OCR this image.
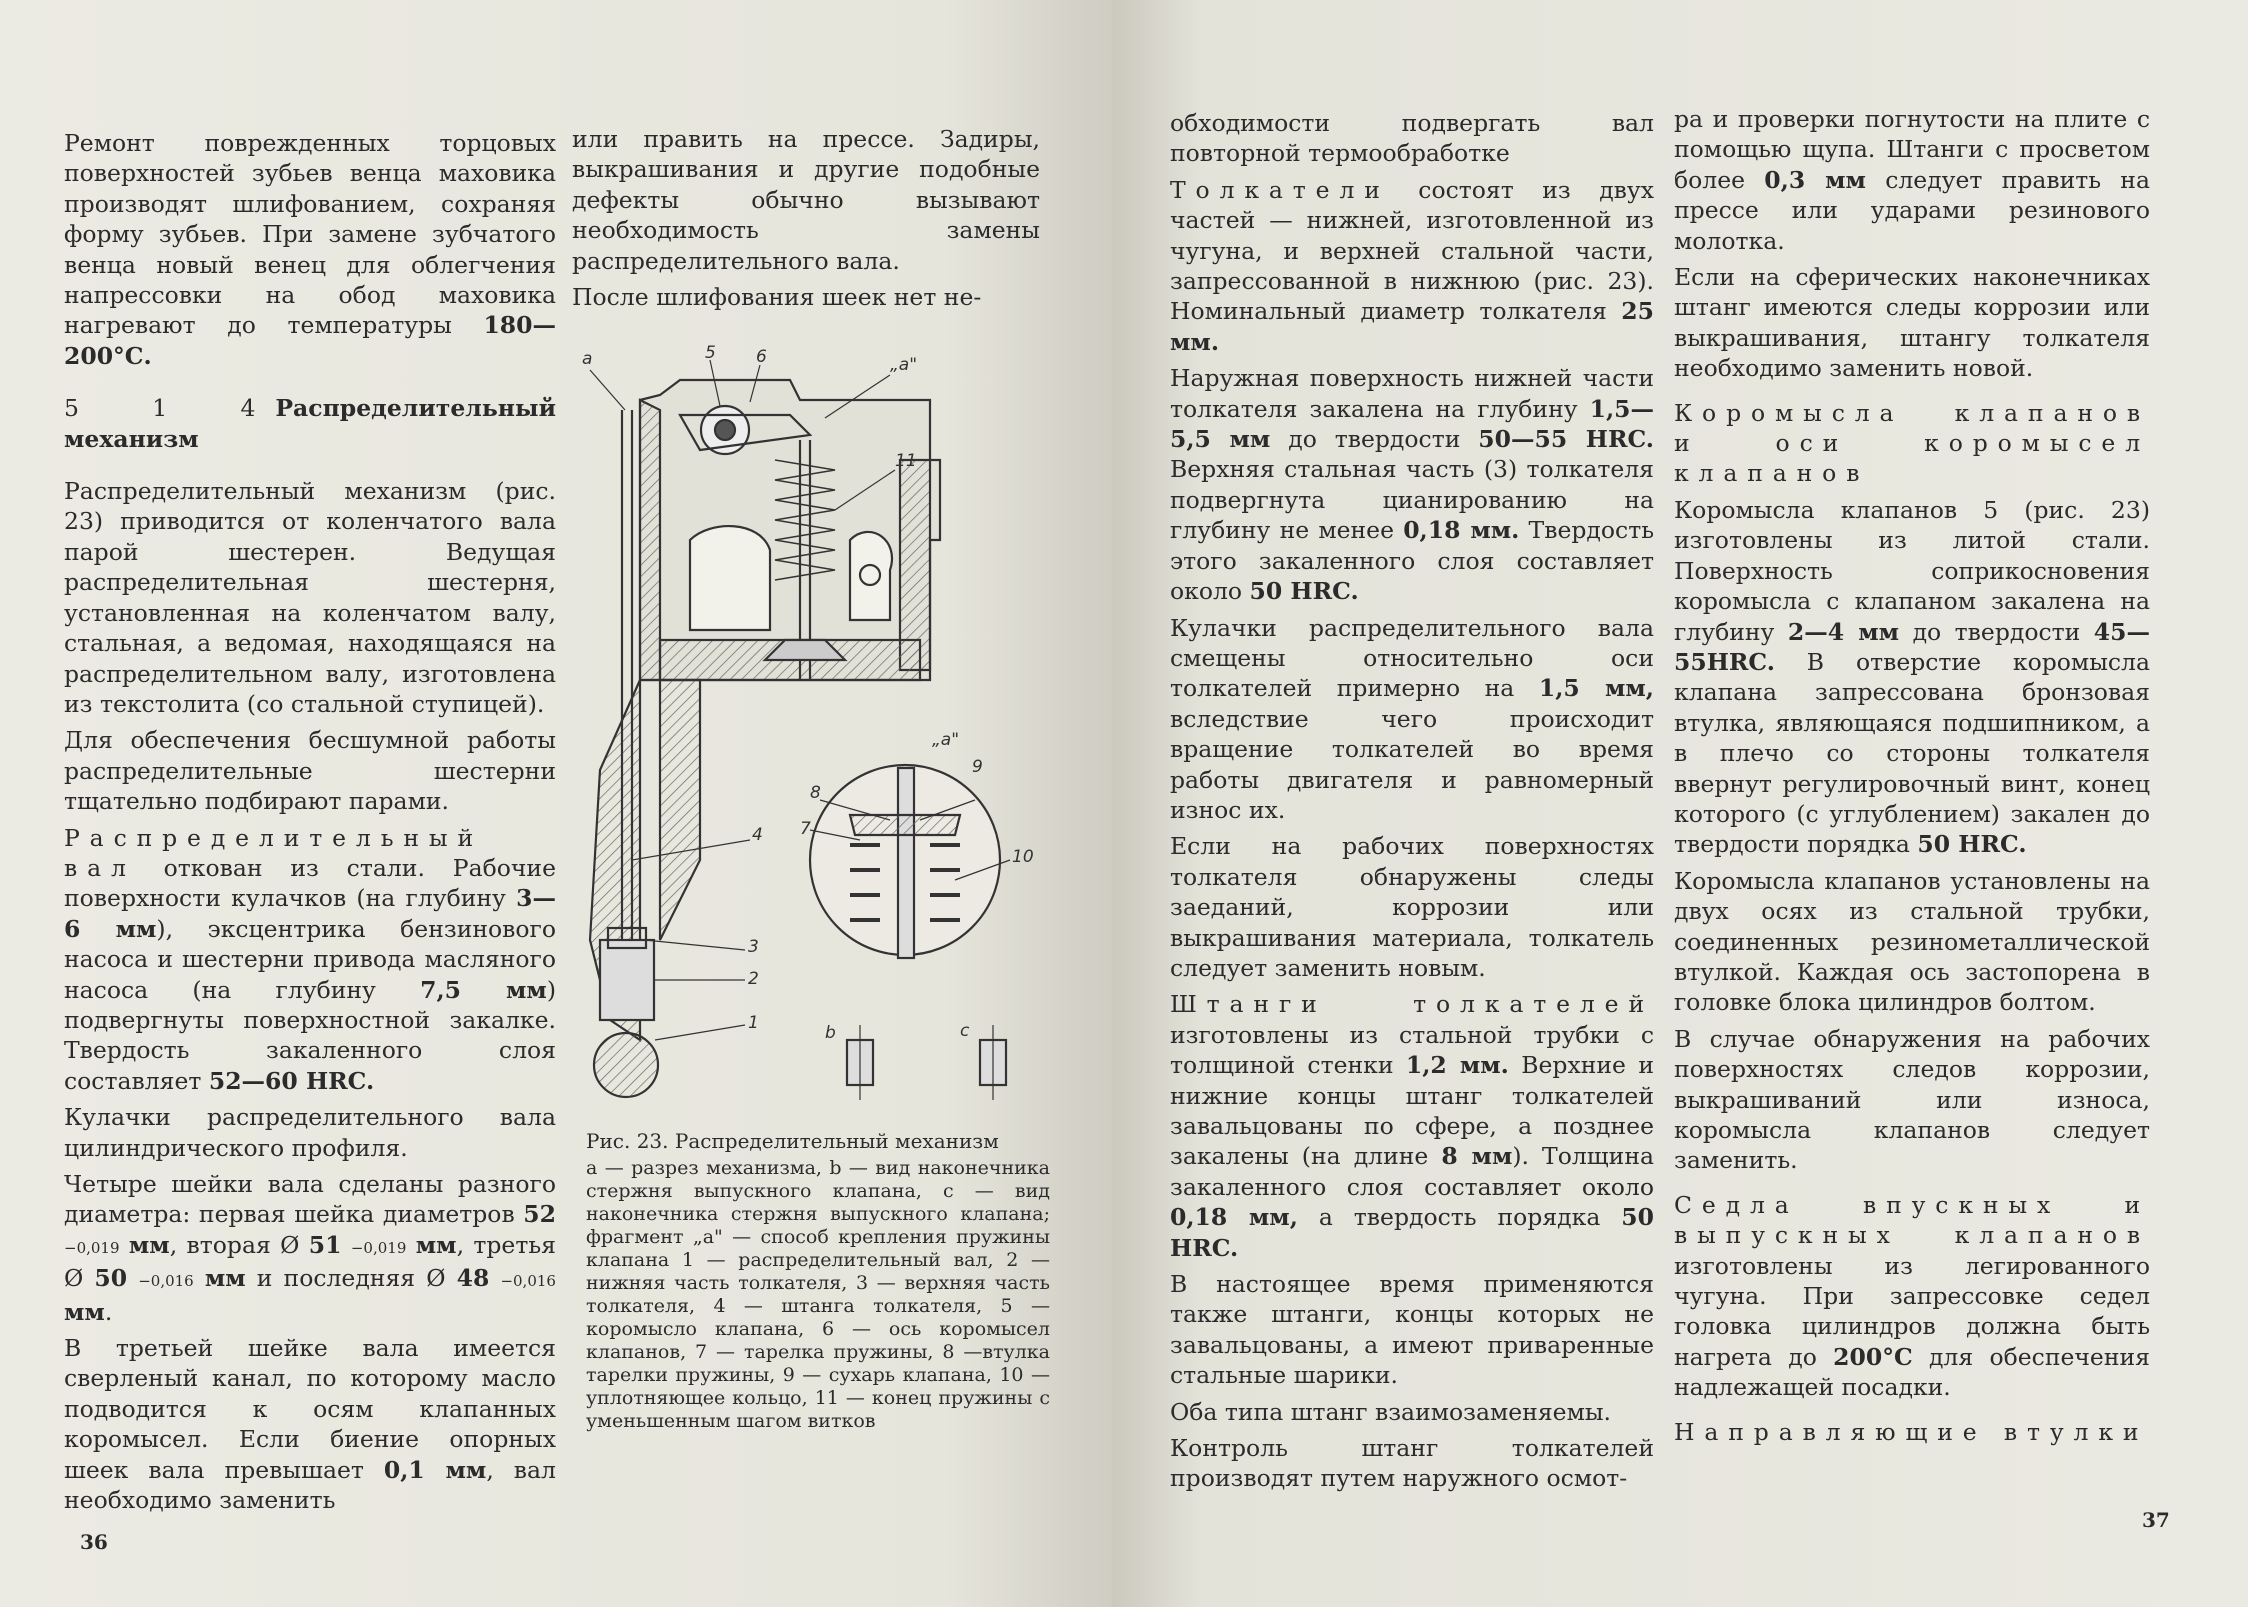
Ремонт поврежденных торцовых поверхностей зубьев венца маховика производят шлифованием, сохраняя форму зубьев. При замене зубчатого венца новый венец для облегчения напрессовки на обод маховика нагревают до температуры 180—200°С.

5 1 4 Распределительный механизм

Распределительный механизм (рис. 23) приводится от коленчатого вала парой шестерен. Ведущая распределительная шестерня, установленная на коленчатом валу, стальная, а ведомая, находящаяся на распределительном валу, изготовлена из текстолита (со стальной ступицей).

Для обеспечения бесшумной работы распределительные шестерни тщательно подбирают парами.

Распределительный вал откован из стали. Рабочие поверхности кулачков (на глубину 3—6 мм), эксцентрика бензинового насоса и шестерни привода масляного насоса (на глубину 7,5 мм) подвергнуты поверхностной закалке. Твердость закаленного слоя составляет 52—60 HRC.

Кулачки распределительного вала цилиндрического профиля.

Четыре шейки вала сделаны разного диаметра: первая шейка диаметров 52 −0,019 мм, вторая Ø 51 −0,019 мм, третья Ø 50 −0,016 мм и последняя Ø 48 −0,016 мм.

В третьей шейке вала имеется сверленый канал, по которому масло подводится к осям клапанных коромысел. Если биение опорных шеек вала превышает 0,1 мм, вал необходимо заменить

или править на прессе. Задиры, выкрашивания и другие подобные дефекты обычно вызывают необходимость замены распределительного вала.

После шлифования шеек нет не-

a	5 6	„a"
11
4
3
2
1
8
„a"
9
7
10
b	c
Рис. 23. Распределительный механизм
a — разрез механизма, b — вид наконечника стержня выпускного клапана, c — вид наконечника стержня выпускного клапана; фрагмент „a" — способ крепления пружины клапана 1 — распределительный вал, 2 — нижняя часть толкателя, 3 — верхняя часть толкателя, 4 — штанга толкателя, 5 — коромысло клапана, 6 — ось коромысел клапанов, 7 — тарелка пружины, 8 —втулка тарелки пружины, 9 — сухарь клапана, 10 — уплотняющее кольцо, 11 — конец пружины с уменьшенным шагом витков
36

обходимости подвергать вал повторной термообработке

Толкатели состоят из двух частей — нижней, изготовленной из чугуна, и верхней стальной части, запрессованной в нижнюю (рис. 23). Номинальный диаметр толкателя 25 мм.

Наружная поверхность нижней части толкателя закалена на глубину 1,5—5,5 мм до твердости 50—55 HRC. Верхняя стальная часть (3) толкателя подвергнута цианированию на глубину не менее 0,18 мм. Твердость этого закаленного слоя составляет около 50 HRC.

Кулачки распределительного вала смещены относительно оси толкателей примерно на 1,5 мм, вследствие чего происходит вращение толкателей во время работы двигателя и равномерный износ их.

Если на рабочих поверхностях толкателя обнаружены следы заеданий, коррозии или выкрашивания материала, толкатель следует заменить новым.

Штанги толкателей изготовлены из стальной трубки с толщиной стенки 1,2 мм. Верхние и нижние концы штанг толкателей завальцованы по сфере, а позднее закалены (на длине 8 мм). Толщина закаленного слоя составляет около 0,18 мм, а твердость порядка 50 HRC.

В настоящее время применяются также штанги, концы которых не завальцованы, а имеют приваренные стальные шарики.

Оба типа штанг взаимозаменяемы.

Контроль штанг толкателей производят путем наружного осмот-

ра и проверки погнутости на плите с помощью щупа. Штанги с просветом более 0,3 мм следует править на прессе или ударами резинового молотка.

Если на сферических наконечниках штанг имеются следы коррозии или выкрашивания, штангу толкателя необходимо заменить новой.

Коромысла клапанов и оси коромысел клапанов

Коромысла клапанов 5 (рис. 23) изготовлены из литой стали. Поверхность соприкосновения коромысла с клапаном закалена на глубину 2—4 мм до твердости 45—55HRC. В отверстие коромысла клапана запрессована бронзовая втулка, являющаяся подшипником, а в плечо со стороны толкателя ввернут регулировочный винт, конец которого (с углублением) закален до твердости порядка 50 HRC.

Коромысла клапанов установлены на двух осях из стальной трубки, соединенных резинометаллической втулкой. Каждая ось застопорена в головке блока цилиндров болтом.

В случае обнаружения на рабочих поверхностях следов коррозии, выкрашиваний или износа, коромысла клапанов следует заменить.

Седла впускных и выпускных клапанов изготовлены из легированного чугуна. При запрессовке седел головка цилиндров должна быть нагрета до 200°С для обеспечения надлежащей посадки.

Направляющие втулки

37
